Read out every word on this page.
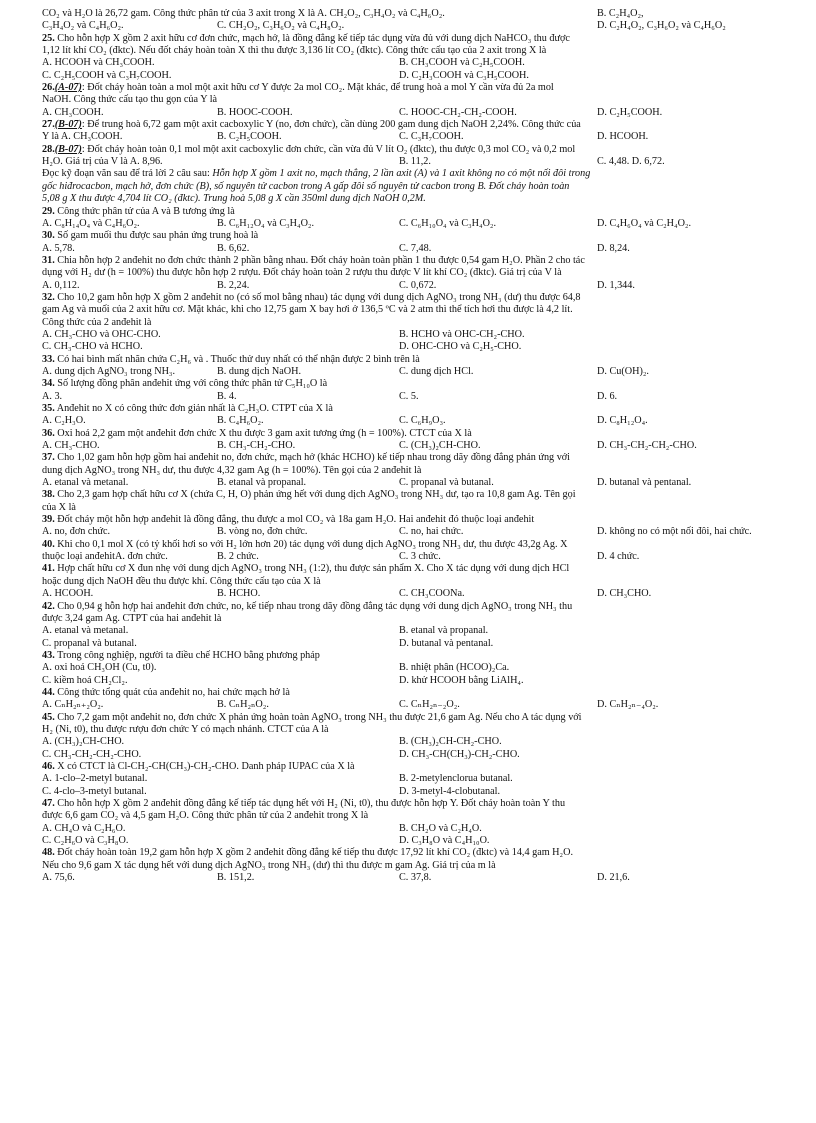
CO₂ và H₂O là 26,72 gam. Công thức phân tử của 3 axit trong X là A. CH₂O₂, C₃H₄O₂ và C₄H₆O₂.	B. C₂H₄O₂,
C₃H₄O₂ và C₄H₆O₂.	C. CH₂O₂, C₃H₆O₂ và C₄H₈O₂.	D. C₂H₄O₂, C₃H₆O₂ và C₄H₆O₂
25. Cho hỗn hợp X gồm 2 axit hữu cơ đơn chức, mạch hở, là đồng đẳng kế tiếp tác dụng vừa đủ với dung dịch NaHCO₃ thu được
1,12 lít khí CO₂ (đktc). Nếu đốt cháy hoàn toàn X thì thu được 3,136 lít CO₂ (đktc). Công thức cấu tạo của 2 axit trong X là
A. HCOOH và CH₃COOH.	B. CH₃COOH và C₂H₅COOH.
C. C₂H₅COOH và C₃H₇COOH.	D. C₂H₃COOH và C₃H₅COOH.
26.(A-07): Đốt cháy hoàn toàn a mol một axit hữu cơ Y được 2a mol CO₂. Mặt khác, để trung hoà a mol Y cần vừa đủ 2a mol
NaOH. Công thức cấu tạo thu gọn của Y là
A. CH₃COOH.	B. HOOC-COOH.	C. HOOC-CH₂-CH₂-COOH.	D. C₂H₅COOH.
27.(B-07): Để trung hoà 6,72 gam một axit cacboxylic Y (no, đơn chức), cần dùng 200 gam dung dịch NaOH 2,24%. Công thức của
Y là A. CH₃COOH.	B. C₂H₅COOH.	C. C₃H₇COOH.	D. HCOOH.
28.(B-07): Đốt cháy hoàn toàn 0,1 mol một axit cacboxylic đơn chức, cần vừa đủ V lít O₂ (đktc), thu được 0,3 mol CO₂ và 0,2 mol
H₂O. Giá trị của V là A. 8,96.	B. 11,2.	C. 4,48. D. 6,72.
Đọc kỹ đoạn văn sau để trả lời 2 câu sau: Hỗn hợp X gồm 1 axit no, mạch thẳng, 2 lần axit (A) và 1 axit không no có một nối đôi trong
gốc hiđrocacbon, mạch hở, đơn chức (B), số nguyên tử cacbon trong A gấp đôi số nguyên tử cacbon trong B. Đốt cháy hoàn toàn
5,08 g X thu được 4,704 lít CO₂ (đktc). Trung hoà 5,08 g X cần 350ml dung dịch NaOH 0,2M.
29. Công thức phân tử của A và B tương ứng là
A. C₈H₁₄O₄ và C₄H₆O₂.	B. C₆H₁₂O₄ và C₃H₄O₂.	C. C₆H₁₀O₄ và C₃H₄O₂.	D. C₄H₆O₄ và C₂H₄O₂.
30. Số gam muối thu được sau phản ứng trung hoà là
A. 5,78.	B. 6,62.	C. 7,48.	D. 8,24.
31. Chia hỗn hợp 2 anđehit no đơn chức thành 2 phần bằng nhau. Đốt cháy hoàn toàn phần 1 thu được 0,54 gam H₂O. Phần 2 cho tác
dụng với H₂ dư (h = 100%) thu được hỗn hợp 2 rượu. Đốt cháy hoàn toàn 2 rượu thu được V lít khí CO₂ (đktc). Giá trị của V là
A. 0,112.	B. 2,24.	C. 0,672.	D. 1,344.
32. Cho 10,2 gam hỗn hợp X gồm 2 anđehit no (có số mol bằng nhau) tác dụng với dung dịch AgNO₃ trong NH₃ (dư) thu được 64,8
gam Ag và muối của 2 axit hữu cơ. Mặt khác, khi cho 12,75 gam X bay hơi ở 136,5 ºC và 2 atm thì thể tích hơi thu được là 4,2 lít.
Công thức của 2 anđehit là
A. CH₃-CHO và OHC-CHO.	B. HCHO và OHC-CH₂-CHO.
C. CH₃-CHO và HCHO.	D. OHC-CHO và C₂H₅-CHO.
33. Có hai bình mất nhãn chứa C₂H₆ và . Thuốc thử duy nhất có thể nhận được 2 bình trên là
A. dung dịch AgNO₃ trong NH₃.	B. dung dịch NaOH.	C. dung dịch HCl.	D. Cu(OH)₂.
34. Số lượng đồng phân anđehit ứng với công thức phân tử C₅H₁₀O là
A. 3.	B. 4.	C. 5.	D. 6.
35. Anđehit no X có công thức đơn giản nhất là C₂H₃O. CTPT của X là
A. C₂H₃O.	B. C₄H₆O₂.	C. C₆H₉O₃.	D. C₈H₁₂O₄.
36. Oxi hoá 2,2 gam một anđehit đơn chức X thu được 3 gam axit tương ứng (h = 100%). CTCT của X là
A. CH₃-CHO.	B. CH₃-CH₂-CHO.	C. (CH₃)₂CH-CHO.	D. CH₃-CH₂-CH₂-CHO.
37. Cho 1,02 gam hỗn hợp gồm hai anđehit no, đơn chức, mạch hở (khác HCHO) kế tiếp nhau trong dãy đồng đẳng phản ứng với
dung dịch AgNO₃ trong NH₃ dư, thu được 4,32 gam Ag (h = 100%). Tên gọi của 2 anđehit là
A. etanal và metanal.	B. etanal và propanal.	C. propanal và butanal.	D. butanal và pentanal.
38. Cho 2,3 gam hợp chất hữu cơ X (chứa C, H, O) phản ứng hết với dung dịch AgNO₃ trong NH₃ dư, tạo ra 10,8 gam Ag. Tên gọi
của X là
39. Đốt cháy một hỗn hợp anđehit là đồng đẳng, thu được a mol CO₂ và 18a gam H₂O. Hai anđehit đó thuộc loại anđehit
A. no, đơn chức.	B. vòng no, đơn chức.	C. no, hai chức.	D. không no có một nối đôi, hai chức.
40. Khi cho 0,1 mol X (có tỷ khối hơi so với H₂ lớn hơn 20) tác dụng với dung dịch AgNO₃ trong NH₃ dư, thu được 43,2g Ag. X
thuộc loại anđehitA. đơn chức.	B. 2 chức.	C. 3 chức.	D. 4 chức.
41. Hợp chất hữu cơ X đun nhẹ với dung dịch AgNO₃ trong NH₃ (1:2), thu được sản phẩm X. Cho X tác dụng với dung dịch HCl
hoặc dung dịch NaOH đều thu được khí. Công thức cấu tạo của X là
A. HCOOH.	B. HCHO.	C. CH₃COONa.	D. CH₃CHO.
42. Cho 0,94 g hỗn hợp hai anđehit đơn chức, no, kế tiếp nhau trong dãy đồng đẳng tác dụng với dung dịch AgNO₃ trong NH₃ thu
được 3,24 gam Ag. CTPT của hai anđehit là
A. etanal và metanal.	B. etanal và propanal.
C. propanal và butanal.	D. butanal và pentanal.
43. Trong công nghiệp, người ta điều chế HCHO bằng phương pháp
A. oxi hoá CH₃OH (Cu, t0).	B. nhiệt phân (HCOO)₂Ca.
C. kiềm hoá CH₂Cl₂.	D. khử HCOOH bằng LiAlH₄.
44. Công thức tổng quát của anđehit no, hai chức mạch hở là
A. CₙH₂ₙ₊₂O₂.	B. CₙH₂ₙO₂.	C. CₙH₂ₙ₋₂O₂.	D. CₙH₂ₙ₋₄O₂.
45. Cho 7,2 gam một anđehit no, đơn chức X phản ứng hoàn toàn AgNO₃ trong NH₃ thu được 21,6 gam Ag. Nếu cho A tác dụng với
H₂ (Ni, t0), thu được rượu đơn chức Y có mạch nhánh. CTCT của A là
A. (CH₃)₂CH-CHO.	B. (CH₃)₂CH-CH₂-CHO.
C. CH₃-CH₂-CH₂-CHO.	D. CH₃-CH(CH₃)-CH₂-CHO.
46. X có CTCT là Cl-CH₂-CH(CH₃)-CH₂-CHO. Danh pháp IUPAC của X là
A. 1-clo–2-metyl butanal.	B. 2-metylenclorua butanal.
C. 4-clo–3-metyl butanal.	D. 3-metyl-4-clobutanal.
47. Cho hỗn hợp X gồm 2 anđehit đồng đẳng kế tiếp tác dụng hết với H₂ (Ni, t0), thu được hỗn hợp Y. Đốt cháy hoàn toàn Y thu
được 6,6 gam CO₂ và 4,5 gam H₂O. Công thức phân tử của 2 anđehit trong X là
A. CH₄O và C₂H₆O.	B. CH₂O và C₂H₄O.
C. C₂H₆O và C₃H₈O.	D. C₃H₈O và C₄H₁₀O.
48. Đốt cháy hoàn toàn 19,2 gam hỗn hợp X gồm 2 anđehit đồng đẳng kế tiếp thu được 17,92 lít khí CO₂ (đktc) và 14,4 gam H₂O.
Nếu cho 9,6 gam X tác dụng hết với dung dịch AgNO₃ trong NH₃ (dư) thì thu được m gam Ag. Giá trị của m là
A. 75,6.	B. 151,2.	C. 37,8.	D. 21,6.
